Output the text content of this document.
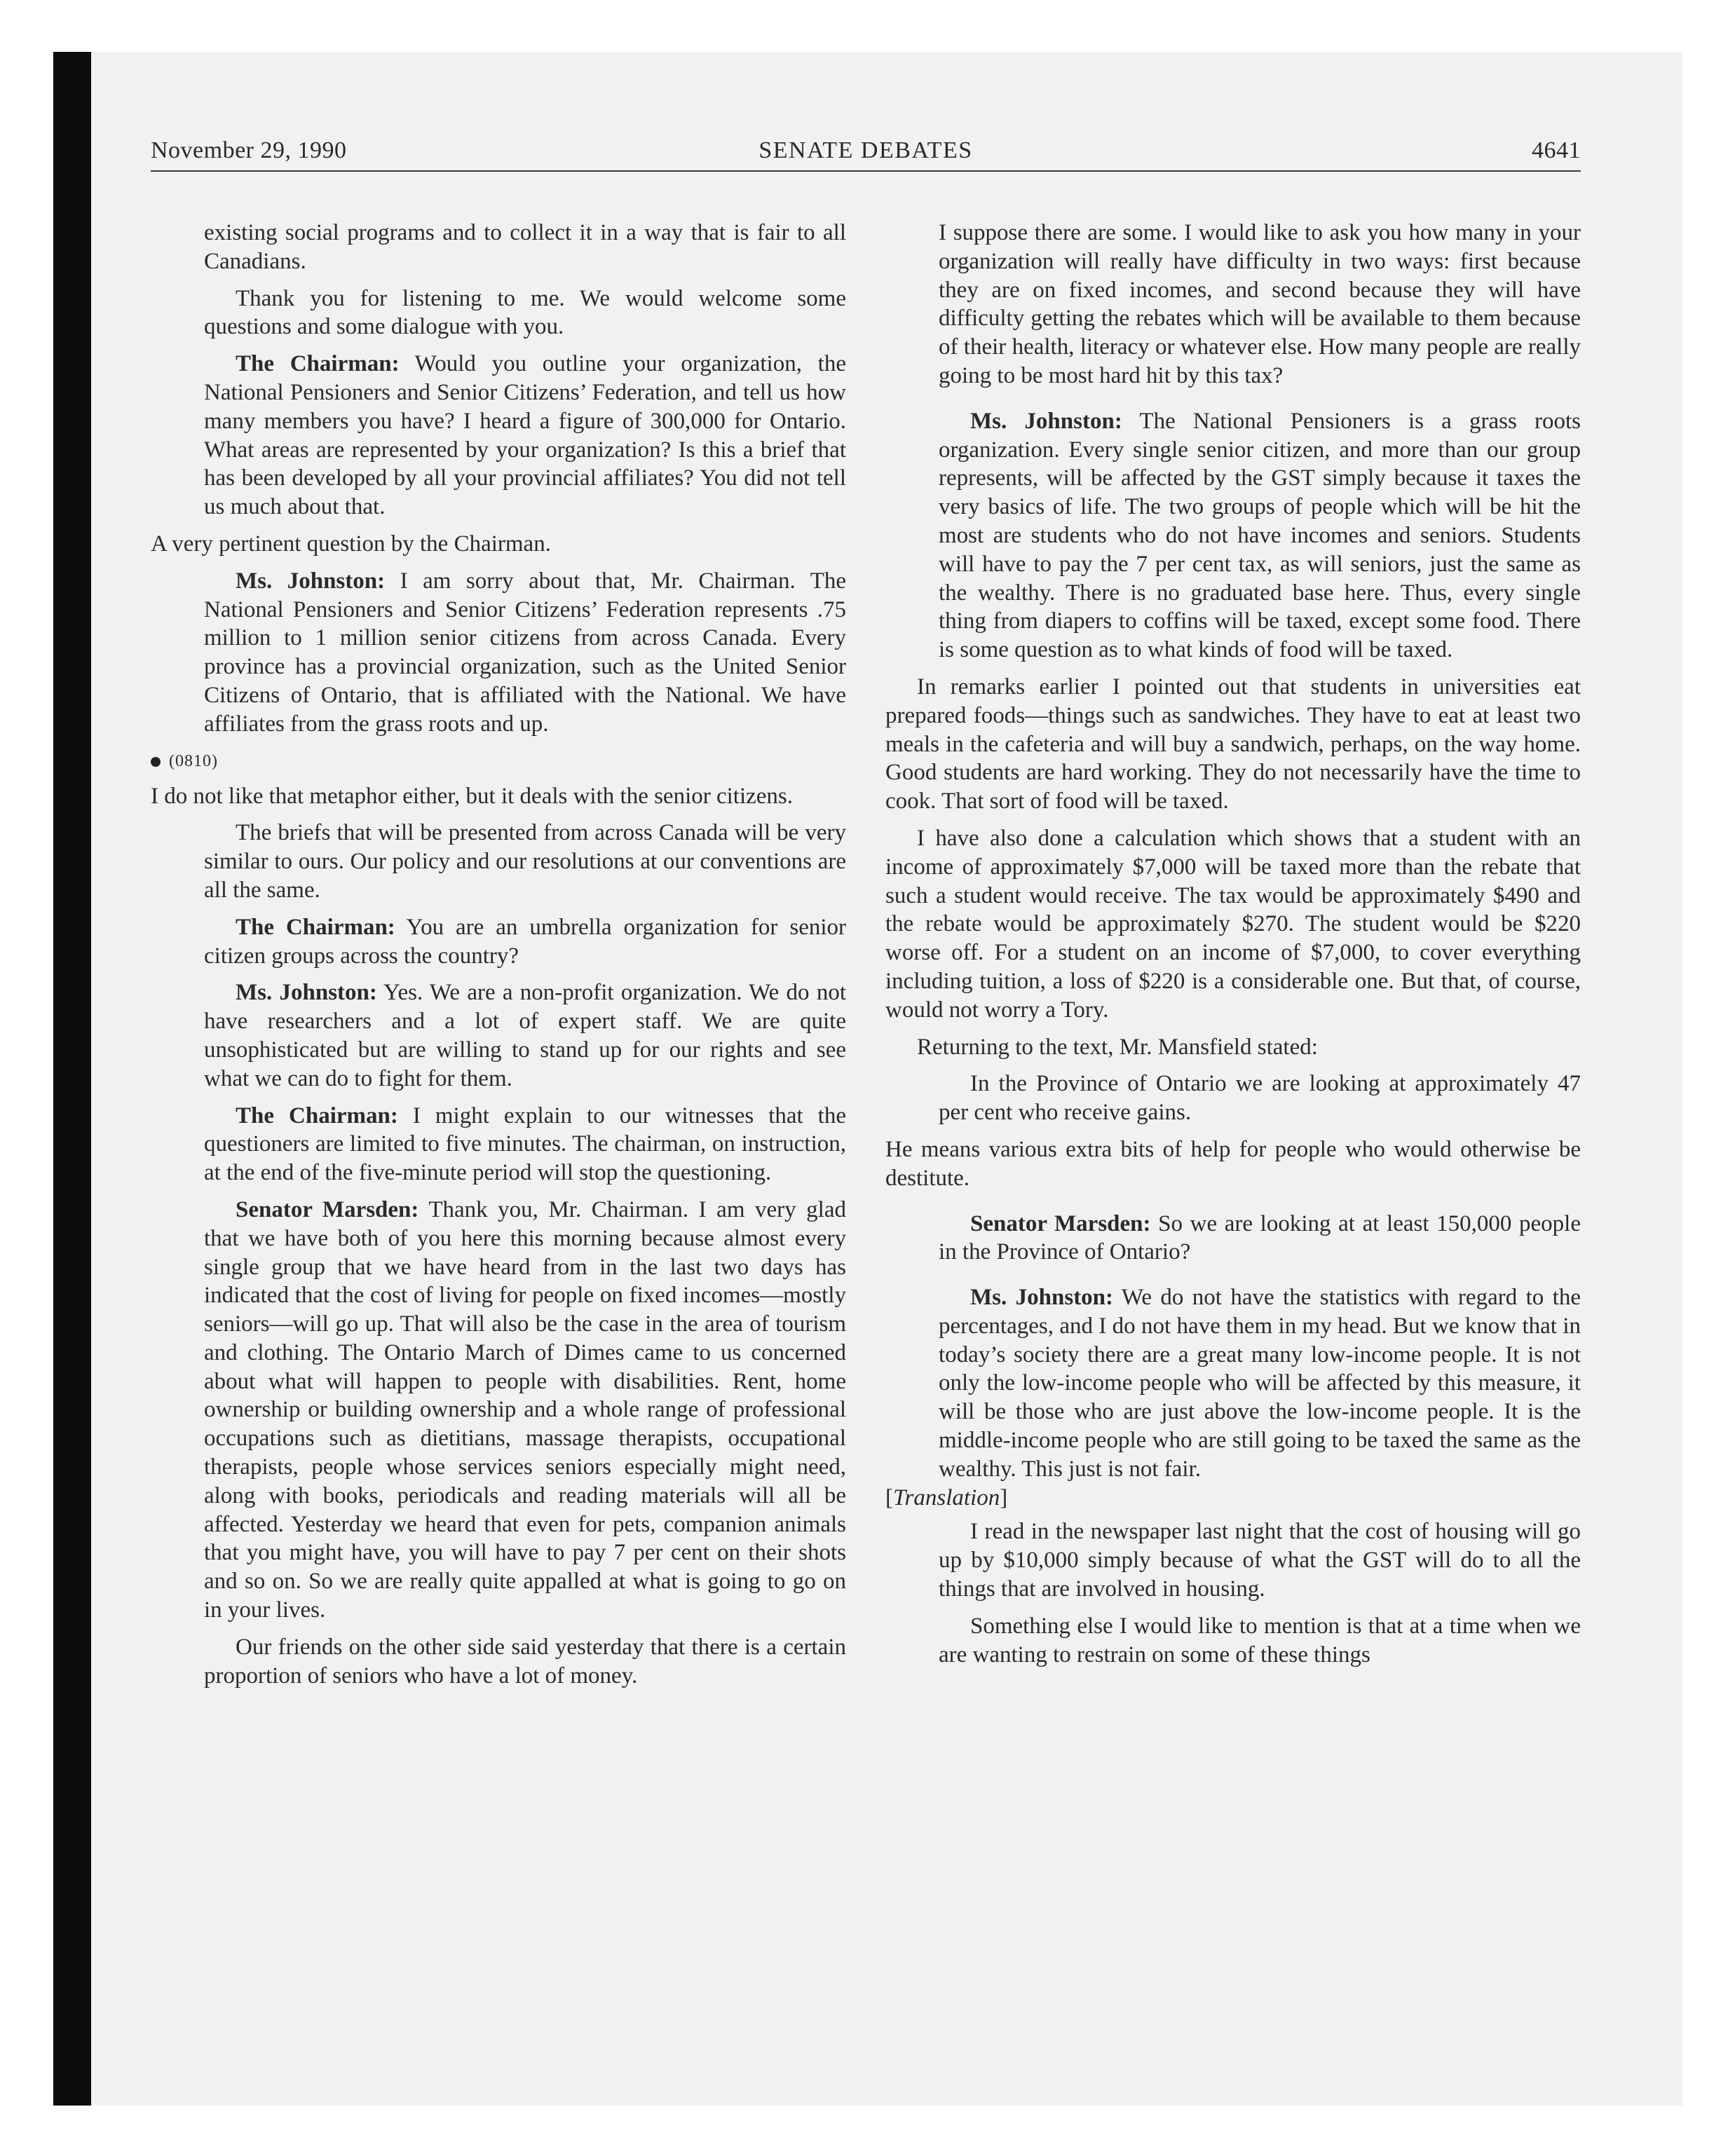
November 29, 1990	SENATE DEBATES	4641

existing social programs and to collect it in a way that is fair to all Canadians.

Thank you for listening to me. We would welcome some questions and some dialogue with you.

The Chairman: Would you outline your organization, the National Pensioners and Senior Citizens’ Federation, and tell us how many members you have? I heard a figure of 300,000 for Ontario. What areas are represented by your organization? Is this a brief that has been developed by all your provincial affiliates? You did not tell us much about that.

A very pertinent question by the Chairman.

Ms. Johnston: I am sorry about that, Mr. Chairman. The National Pensioners and Senior Citizens’ Federation represents .75 million to 1 million senior citizens from across Canada. Every province has a provincial organization, such as the United Senior Citizens of Ontario, that is affiliated with the National. We have affiliates from the grass roots and up.

(0810)

I do not like that metaphor either, but it deals with the senior citizens.

The briefs that will be presented from across Canada will be very similar to ours. Our policy and our resolutions at our conventions are all the same.

The Chairman: You are an umbrella organization for senior citizen groups across the country?

Ms. Johnston: Yes. We are a non-profit organization. We do not have researchers and a lot of expert staff. We are quite unsophisticated but are willing to stand up for our rights and see what we can do to fight for them.

The Chairman: I might explain to our witnesses that the questioners are limited to five minutes. The chairman, on instruction, at the end of the five-minute period will stop the questioning.

Senator Marsden: Thank you, Mr. Chairman. I am very glad that we have both of you here this morning because almost every single group that we have heard from in the last two days has indicated that the cost of living for people on fixed incomes—mostly seniors—will go up. That will also be the case in the area of tourism and clothing. The Ontario March of Dimes came to us concerned about what will happen to people with disabilities. Rent, home ownership or building ownership and a whole range of professional occupations such as dietitians, massage therapists, occupational therapists, people whose services seniors especially might need, along with books, periodicals and reading materials will all be affected. Yesterday we heard that even for pets, companion animals that you might have, you will have to pay 7 per cent on their shots and so on. So we are really quite appalled at what is going to go on in your lives.

Our friends on the other side said yesterday that there is a certain proportion of seniors who have a lot of money.

I suppose there are some. I would like to ask you how many in your organization will really have difficulty in two ways: first because they are on fixed incomes, and second because they will have difficulty getting the rebates which will be available to them because of their health, literacy or whatever else. How many people are really going to be most hard hit by this tax?

Ms. Johnston: The National Pensioners is a grass roots organization. Every single senior citizen, and more than our group represents, will be affected by the GST simply because it taxes the very basics of life. The two groups of people which will be hit the most are students who do not have incomes and seniors. Students will have to pay the 7 per cent tax, as will seniors, just the same as the wealthy. There is no graduated base here. Thus, every single thing from diapers to coffins will be taxed, except some food. There is some question as to what kinds of food will be taxed.

In remarks earlier I pointed out that students in universities eat prepared foods—things such as sandwiches. They have to eat at least two meals in the cafeteria and will buy a sandwich, perhaps, on the way home. Good students are hard working. They do not necessarily have the time to cook. That sort of food will be taxed.

I have also done a calculation which shows that a student with an income of approximately $7,000 will be taxed more than the rebate that such a student would receive. The tax would be approximately $490 and the rebate would be approximately $270. The student would be $220 worse off. For a student on an income of $7,000, to cover everything including tuition, a loss of $220 is a considerable one. But that, of course, would not worry a Tory.

Returning to the text, Mr. Mansfield stated:

In the Province of Ontario we are looking at approximately 47 per cent who receive gains.

He means various extra bits of help for people who would otherwise be destitute.

Senator Marsden: So we are looking at at least 150,000 people in the Province of Ontario?

Ms. Johnston: We do not have the statistics with regard to the percentages, and I do not have them in my head. But we know that in today’s society there are a great many low-income people. It is not only the low-income people who will be affected by this measure, it will be those who are just above the low-income people. It is the middle-income people who are still going to be taxed the same as the wealthy. This just is not fair.

[Translation]

I read in the newspaper last night that the cost of housing will go up by $10,000 simply because of what the GST will do to all the things that are involved in housing.

Something else I would like to mention is that at a time when we are wanting to restrain on some of these things
